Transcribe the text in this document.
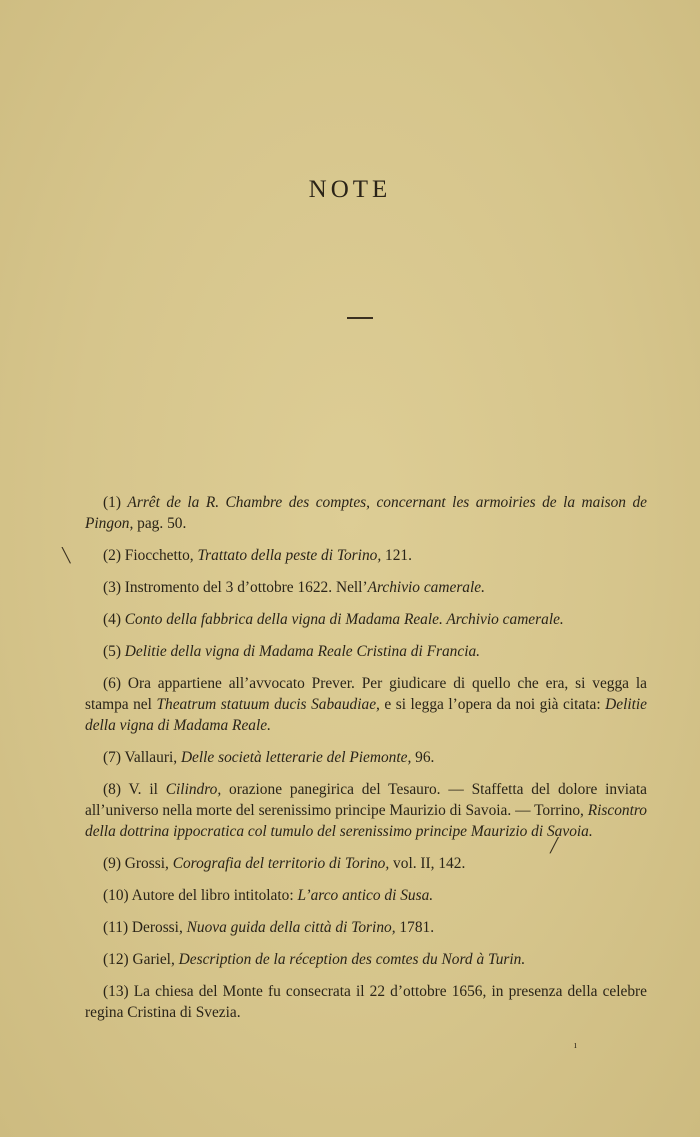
NOTE

(1) Arrêt de la R. Chambre des comptes, concernant les armoiries de la maison de Pingon, pag. 50.

(2) Fiocchetto, Trattato della peste di Torino, 121.

(3) Instromento del 3 d’ottobre 1622. Nell’Archivio camerale.

(4) Conto della fabbrica della vigna di Madama Reale. Archivio camerale.

(5) Delitie della vigna di Madama Reale Cristina di Francia.

(6) Ora appartiene all’avvocato Prever. Per giudicare di quello che era, si vegga la stampa nel Theatrum statuum ducis Sabaudiae, e si legga l’opera da noi già citata: Delitie della vigna di Madama Reale.

(7) Vallauri, Delle società letterarie del Piemonte, 96.

(8) V. il Cilindro, orazione panegirica del Tesauro. — Staffetta del dolore inviata all’universo nella morte del serenissimo principe Maurizio di Savoia. — Torrino, Riscontro della dottrina ippocratica col tumulo del serenissimo principe Maurizio di Savoia.

(9) Grossi, Corografia del territorio di Torino, vol. II, 142.

(10) Autore del libro intitolato: L’arco antico di Susa.

(11) Derossi, Nuova guida della città di Torino, 1781.

(12) Gariel, Description de la réception des comtes du Nord à Turin.

(13) La chiesa del Monte fu consecrata il 22 d’ottobre 1656, in presenza della celebre regina Cristina di Svezia.

╲
╱
ı
